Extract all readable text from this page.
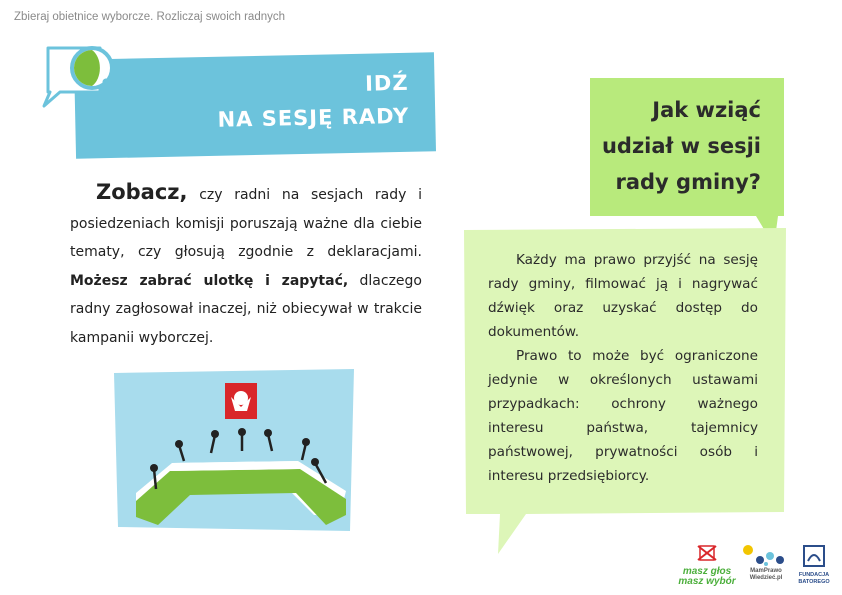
Zbieraj obietnice wyborcze. Rozliczaj swoich radnych
IDŹ
NA SESJĘ RADY
Zobacz, czy radni na sesjach rady i posiedzeniach komisji poruszają ważne dla ciebie tematy, czy głosują zgodnie z deklaracjami. Możesz zabrać ulotkę i zapytać, dlaczego radny zagłosował inaczej, niż obiecywał w trakcie kampanii wyborczej.
Jak wziąć
udział w sesji
rady gminy?

Każdy ma prawo przyjść na sesję rady gminy, filmować ją i nagrywać dźwięk oraz uzyskać dostęp do dokumentów.

Prawo to może być ograniczone jedynie w określonych ustawami przypadkach: ochrony ważnego interesu państwa, tajemnicy państwowej, prywatności osób i interesu przedsiębiorcy.

masz głos
masz wybór
MamPrawo
Wiedzieć.pl	FUNDACJA
BATOREGO
